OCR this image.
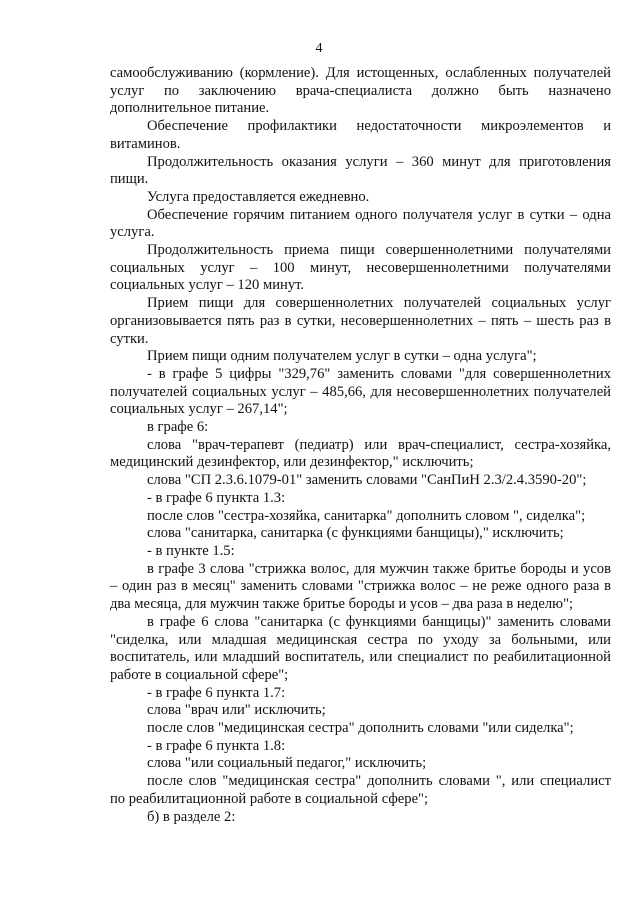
4

самообслуживанию (кормление). Для истощенных, ослабленных получателей услуг по заключению врача-специалиста должно быть назначено дополнительное питание.

Обеспечение профилактики недостаточности микроэлементов и витаминов.

Продолжительность оказания услуги – 360 минут для приготовления пищи.

Услуга предоставляется ежедневно.

Обеспечение горячим питанием одного получателя услуг в сутки – одна услуга.

Продолжительность приема пищи совершеннолетними получателями социальных услуг – 100 минут, несовершеннолетними получателями социальных услуг – 120 минут.

Прием пищи для совершеннолетних получателей социальных услуг организовывается пять раз в сутки, несовершеннолетних – пять – шесть раз в сутки.

Прием пищи одним получателем услуг в сутки – одна услуга";

- в графе 5 цифры "329,76" заменить словами "для совершеннолетних получателей социальных услуг – 485,66, для несовершеннолетних получателей социальных услуг – 267,14";

в графе 6:

слова "врач-терапевт (педиатр) или врач-специалист, сестра-хозяйка, медицинский дезинфектор, или дезинфектор," исключить;

слова "СП 2.3.6.1079-01" заменить словами "СанПиН 2.3/2.4.3590-20";

- в графе 6 пункта 1.3:

после слов "сестра-хозяйка, санитарка" дополнить словом ", сиделка";

слова "санитарка, санитарка (с функциями банщицы)," исключить;

- в пункте 1.5:

в графе 3 слова "стрижка волос, для мужчин также бритье бороды и усов – один раз в месяц" заменить словами "стрижка волос – не реже одного раза в два месяца, для мужчин также бритье бороды и усов – два раза в неделю";

в графе 6 слова "санитарка (с функциями банщицы)" заменить словами "сиделка, или младшая медицинская сестра по уходу за больными, или воспитатель, или младший воспитатель, или специалист по реабилитационной работе в социальной сфере";

- в графе 6 пункта 1.7:

слова "врач или" исключить;

после слов "медицинская сестра" дополнить словами "или сиделка";

- в графе 6 пункта 1.8:

слова "или социальный педагог," исключить;

после слов "медицинская сестра" дополнить словами ", или специалист по реабилитационной работе в социальной сфере";

б) в разделе 2:
